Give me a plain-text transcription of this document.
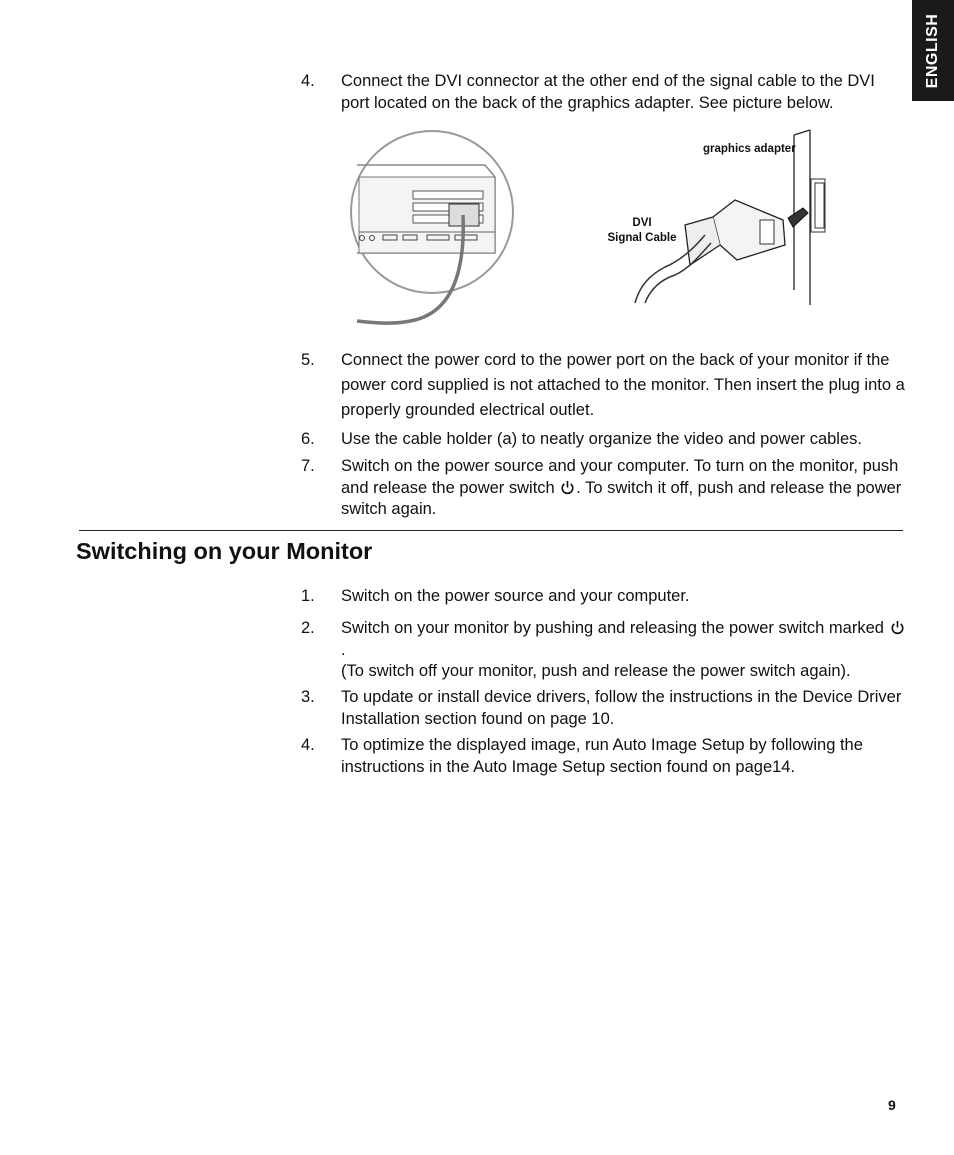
ENGLISH
4. Connect the DVI connector at the other end of the signal cable to the DVI port located on the back of the graphics adapter. See picture below.
graphics adapter
DVI
Signal Cable
5. Connect the power cord to the power port on the back of your monitor if the power cord supplied is not attached to the monitor. Then insert the plug into a properly grounded electrical outlet.
6. Use the cable holder (a) to neatly organize the video and power cables.
7. Switch on the power source and your computer. To turn on the monitor, push and release the power switch . To switch it off, push and release the power switch again.
Switching on your Monitor
1. Switch on the power source and your computer.
2. Switch on your monitor by pushing and releasing the power switch marked .
(To switch off your monitor, push and release the power switch again).
3. To update or install device drivers, follow the instructions in the Device Driver Installation section found on page 10.
4. To optimize the displayed image, run Auto Image Setup by following the instructions in the Auto Image Setup section found on page14.
9
